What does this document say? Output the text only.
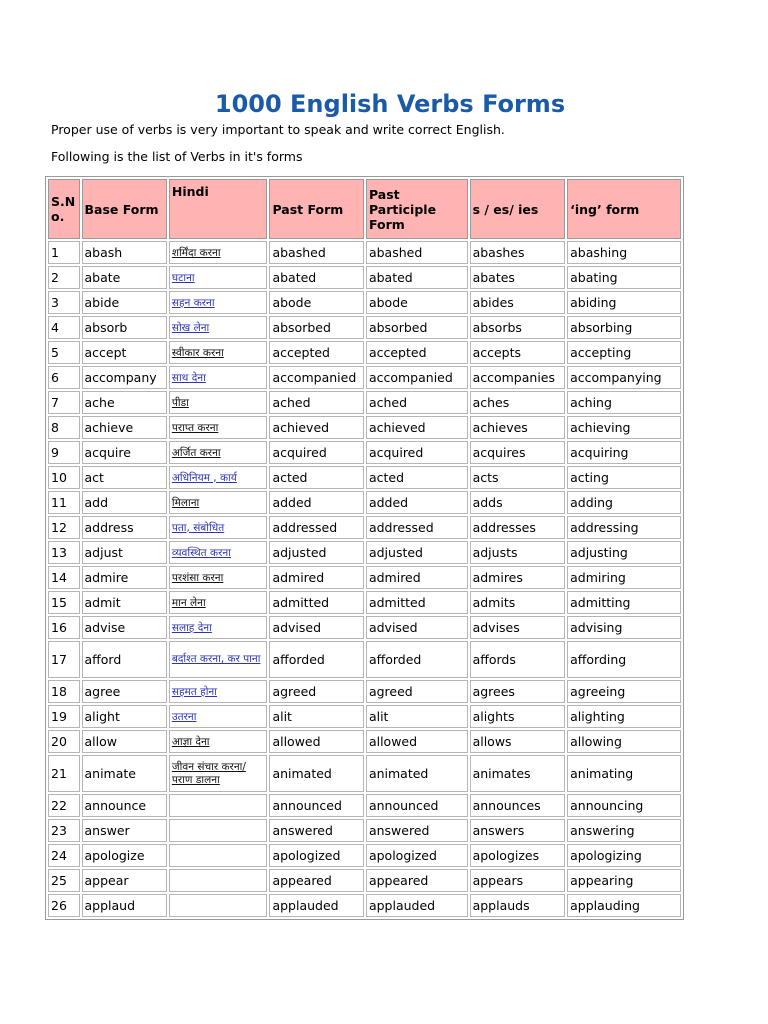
1000 English Verbs Forms
Proper use of verbs is very important to speak and write correct English.
Following is the list of Verbs in it's forms
S.N o.	Base Form	Hindi	Past Form	Past Participle Form	s / es/ ies	‘ing’ form
1	abash	शर्मिंदा करना	abashed	abashed	abashes	abashing
2	abate	घटाना	abated	abated	abates	abating
3	abide	सहन करना	abode	abode	abides	abiding
4	absorb	सोख लेना	absorbed	absorbed	absorbs	absorbing
5	accept	स्वीकार करना	accepted	accepted	accepts	accepting
6	accompany	साथ देना	accompanied	accompanied	accompanies	accompanying
7	ache	पीडा	ached	ached	aches	aching
8	achieve	पराप्त करना	achieved	achieved	achieves	achieving
9	acquire	अर्जित करना	acquired	acquired	acquires	acquiring
10	act	अधिनियम , कार्य	acted	acted	acts	acting
11	add	मिलाना	added	added	adds	adding
12	address	पता, संबोधित	addressed	addressed	addresses	addressing
13	adjust	व्यवस्थित करना	adjusted	adjusted	adjusts	adjusting
14	admire	परशंसा करना	admired	admired	admires	admiring
15	admit	मान लेना	admitted	admitted	admits	admitting
16	advise	सलाह देना	advised	advised	advises	advising
17	afford	बर्दाश्त करना, कर पाना	afforded	afforded	affords	affording
18	agree	सहमत होना	agreed	agreed	agrees	agreeing
19	alight	उतरना	alit	alit	alights	alighting
20	allow	आज्ञा देना	allowed	allowed	allows	allowing
21	animate	जीवन संचार करना/पराण डालना	animated	animated	animates	animating
22	announce		announced	announced	announces	announcing
23	answer		answered	answered	answers	answering
24	apologize		apologized	apologized	apologizes	apologizing
25	appear		appeared	appeared	appears	appearing
26	applaud		applauded	applauded	applauds	applauding
